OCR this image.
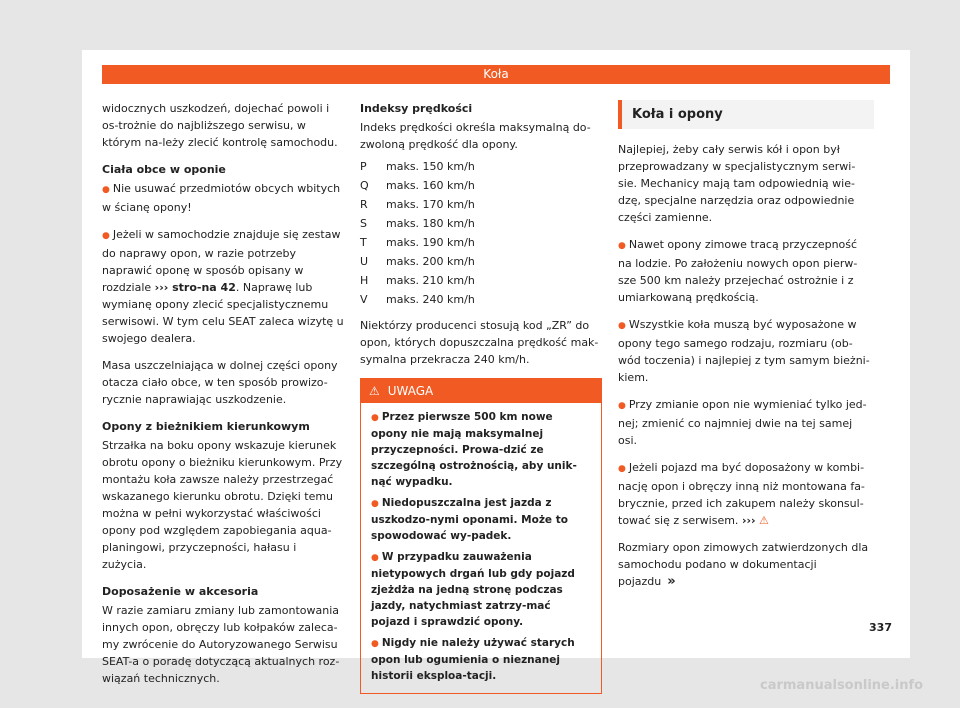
Koła

widocznych uszkodzeń, dojechać powoli i os-trożnie do najbliższego serwisu, w którym na-leży zlecić kontrolę samochodu.

Ciała obce w oponie

● Nie usuwać przedmiotów obcych wbitych w ścianę opony!

● Jeżeli w samochodzie znajduje się zestaw do naprawy opon, w razie potrzeby naprawić oponę w sposób opisany w rozdziale ››› stro-na 42. Naprawę lub wymianę opony zlecić specjalistycznemu serwisowi. W tym celu SEAT zaleca wizytę u swojego dealera.

Masa uszczelniająca w dolnej części opony otacza ciało obce, w ten sposób prowizo-rycznie naprawiając uszkodzenie.

Opony z bieżnikiem kierunkowym

Strzałka na boku opony wskazuje kierunek obrotu opony o bieżniku kierunkowym. Przy montażu koła zawsze należy przestrzegać wskazanego kierunku obrotu. Dzięki temu można w pełni wykorzystać właściwości opony pod względem zapobiegania aqua-planingowi, przyczepności, hałasu i zużycia.

Doposażenie w akcesoria

W razie zamiaru zmiany lub zamontowania innych opon, obręczy lub kołpaków zaleca-my zwrócenie do Autoryzowanego Serwisu SEAT-a o poradę dotyczącą aktualnych roz-wiązań technicznych.

Indeksy prędkości

Indeks prędkości określa maksymalną do-zwoloną prędkość dla opony.

P	maks. 150 km/h
Q	maks. 160 km/h
R	maks. 170 km/h
S	maks. 180 km/h
T	maks. 190 km/h
U	maks. 200 km/h
H	maks. 210 km/h
V	maks. 240 km/h

Niektórzy producenci stosują kod „ZR” do opon, których dopuszczalna prędkość mak-symalna przekracza 240 km/h.

⚠ UWAGA

● Przez pierwsze 500 km nowe opony nie mają maksymalnej przyczepności. Prowa-dzić ze szczególną ostrożnością, aby unik-nąć wypadku.

● Niedopuszczalna jest jazda z uszkodzo-nymi oponami. Może to spowodować wy-padek.

● W przypadku zauważenia nietypowych drgań lub gdy pojazd zjeżdża na jedną stronę podczas jazdy, natychmiast zatrzy-mać pojazd i sprawdzić opony.

● Nigdy nie należy używać starych opon lub ogumienia o nieznanej historii eksploa-tacji.

Koła i opony

Najlepiej, żeby cały serwis kół i opon był przeprowadzany w specjalistycznym serwi-sie. Mechanicy mają tam odpowiednią wie-dzę, specjalne narzędzia oraz odpowiednie części zamienne.

● Nawet opony zimowe tracą przyczepność na lodzie. Po założeniu nowych opon pierw-sze 500 km należy przejechać ostrożnie i z umiarkowaną prędkością.

● Wszystkie koła muszą być wyposażone w opony tego samego rodzaju, rozmiaru (ob-wód toczenia) i najlepiej z tym samym bieżni-kiem.

● Przy zmianie opon nie wymieniać tylko jed-nej; zmienić co najmniej dwie na tej samej osi.

● Jeżeli pojazd ma być doposażony w kombi-nację opon i obręczy inną niż montowana fa-brycznie, przed ich zakupem należy skonsul-tować się z serwisem. ››› ⚠

Rozmiary opon zimowych zatwierdzonych dla samochodu podano w dokumentacji pojazdu »

337
carmanualsonline.info
